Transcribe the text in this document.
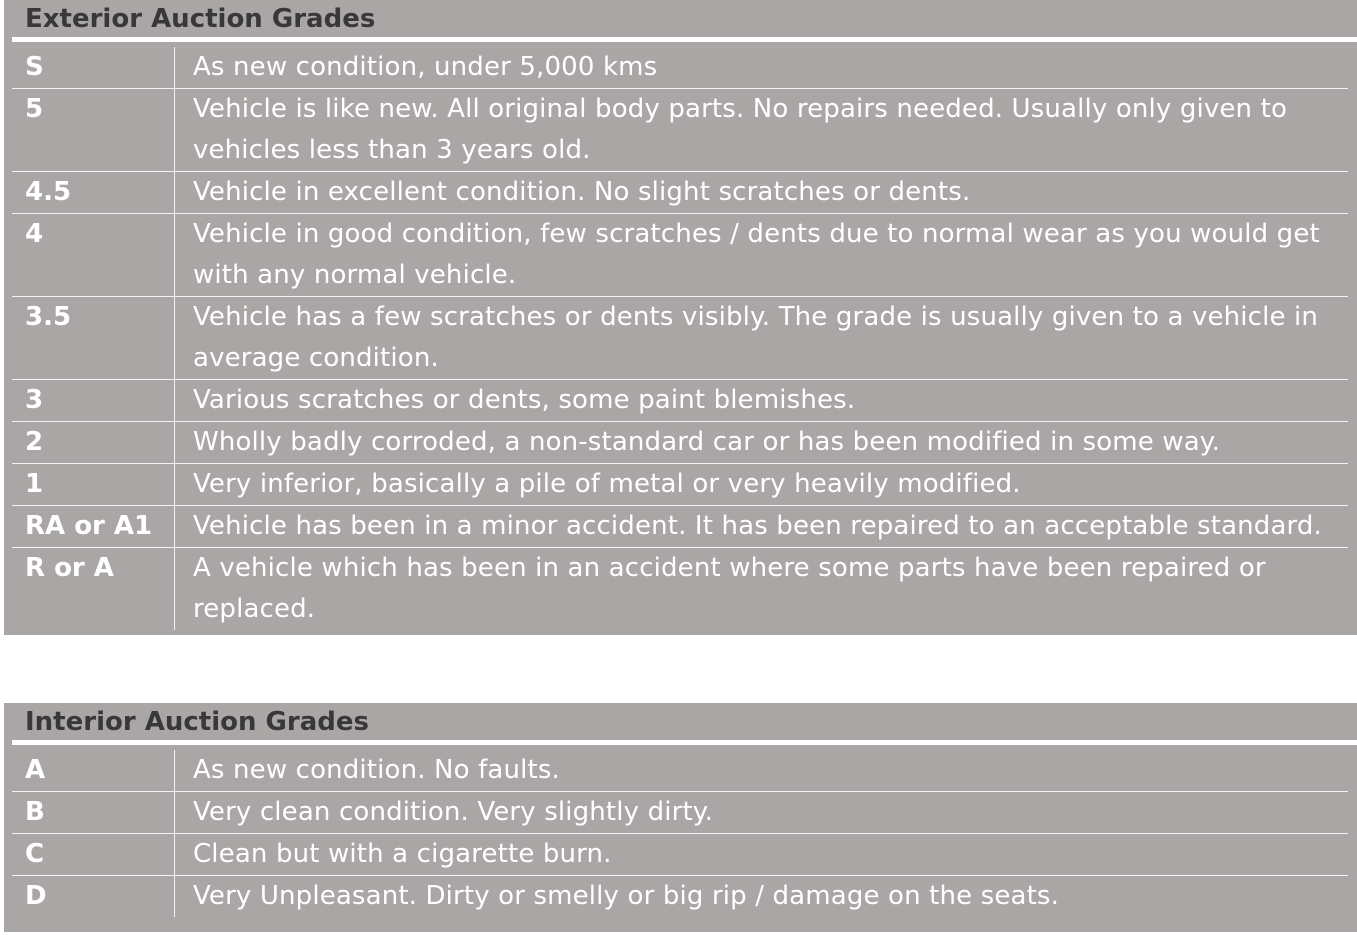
Exterior Auction Grades
S	As new condition, under 5,000 kms
5	Vehicle is like new. All original body parts. No repairs needed. Usually only given to vehicles less than 3 years old.
4.5	Vehicle in excellent condition. No slight scratches or dents.
4	Vehicle in good condition, few scratches / dents due to normal wear as you would get with any normal vehicle.
3.5	Vehicle has a few scratches or dents visibly. The grade is usually given to a vehicle in average condition.
3	Various scratches or dents, some paint blemishes.
2	Wholly badly corroded, a non-standard car or has been modified in some way.
1	Very inferior, basically a pile of metal or very heavily modified.
RA or A1	Vehicle has been in a minor accident. It has been repaired to an acceptable standard.
R or A	A vehicle which has been in an accident where some parts have been repaired or replaced.
Interior Auction Grades
A	As new condition. No faults.
B	Very clean condition. Very slightly dirty.
C	Clean but with a cigarette burn.
D	Very Unpleasant. Dirty or smelly or big rip / damage on the seats.
